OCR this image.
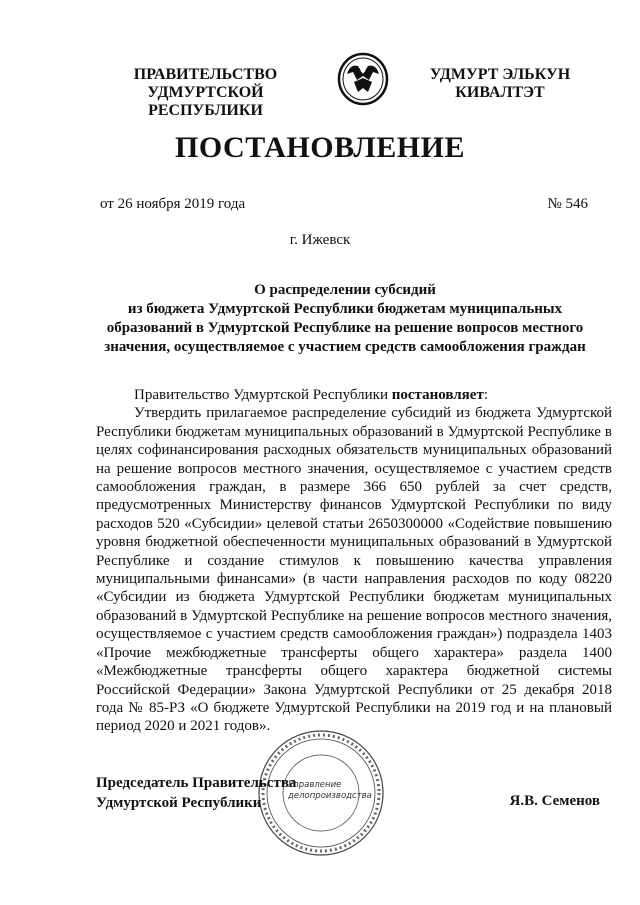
ПРАВИТЕЛЬСТВО
УДМУРТСКОЙ РЕСПУБЛИКИ
УДМУРТ ЭЛЬКУН
КИВАЛТЭТ
ПОСТАНОВЛЕНИЕ
от 26 ноября 2019 года	№ 546
г. Ижевск
О распределении субсидий
из бюджета Удмуртской Республики бюджетам муниципальных
образований в Удмуртской Республике на решение вопросов местного
значения, осуществляемое с участием средств самообложения граждан

Правительство Удмуртской Республики постановляет:

Утвердить прилагаемое распределение субсидий из бюджета Удмуртской Республики бюджетам муниципальных образований в Удмуртской Республике в целях софинансирования расходных обязательств муниципальных образований на решение вопросов местного значения, осуществляемое с участием средств самообложения граждан, в размере 366 650 рублей за счет средств, предусмотренных Министерству финансов Удмуртской Республики по виду расходов 520 «Субсидии» целевой статьи 2650300000 «Содействие повышению уровня бюджетной обеспеченности муниципальных образований в Удмуртской Республике и создание стимулов к повышению качества управления муниципальными финансами» (в части направления расходов по коду 08220 «Субсидии из бюджета Удмуртской Республики бюджетам муниципальных образований в Удмуртской Республике на решение вопросов местного значения, осуществляемое с участием средств самообложения граждан») подраздела 1403 «Прочие межбюджетные трансферты общего характера» раздела 1400 «Межбюджетные трансферты общего характера бюджетной системы Российской Федерации» Закона Удмуртской Республики от 25 декабря 2018 года № 85-РЗ «О бюджете Удмуртской Республики на 2019 год и на плановый период 2020 и 2021 годов».

Управление
делопроизводства
Председатель Правительства
Удмуртской Республики	Я.В. Семенов
